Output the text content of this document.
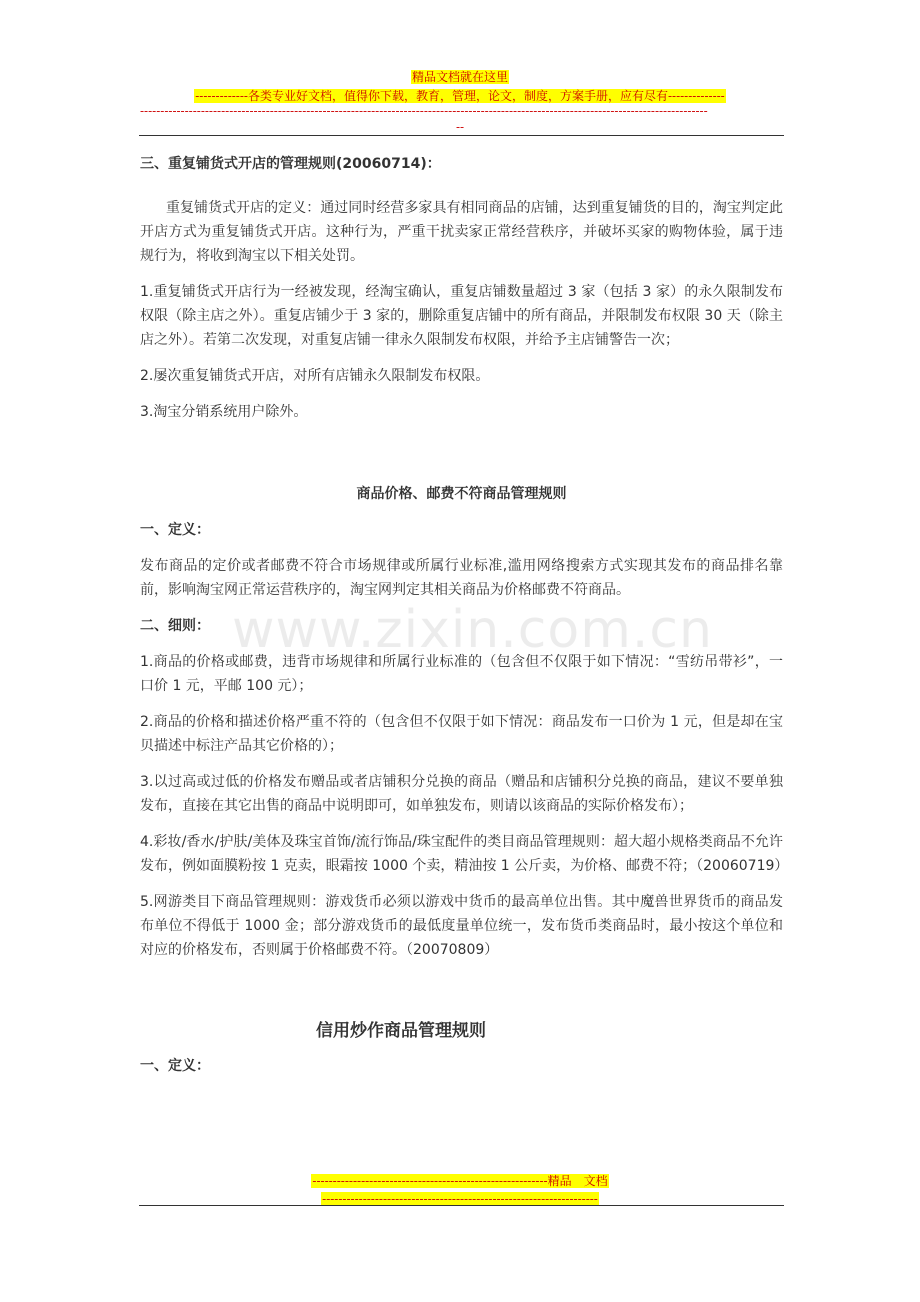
www.zixin.com.cn
精品文档就在这里
-------------各类专业好文档，值得你下载，教育，管理，论文，制度，方案手册，应有尽有--------------
--------------------------------------------------------------------------------------------------------------------------------------------
--
三、重复铺货式开店的管理规则(20060714)：

重复铺货式开店的定义：通过同时经营多家具有相同商品的店铺，达到重复铺货的目的，淘宝判定此开店方式为重复铺货式开店。这种行为，严重干扰卖家正常经营秩序，并破坏买家的购物体验，属于违规行为，将收到淘宝以下相关处罚。

1.重复铺货式开店行为一经被发现，经淘宝确认，重复店铺数量超过 3 家（包括 3 家）的永久限制发布权限（除主店之外）。重复店铺少于 3 家的，删除重复店铺中的所有商品，并限制发布权限 30 天（除主店之外）。若第二次发现，对重复店铺一律永久限制发布权限，并给予主店铺警告一次；

2.屡次重复铺货式开店，对所有店铺永久限制发布权限。

3.淘宝分销系统用户除外。

商品价格、邮费不符商品管理规则

一、定义：

发布商品的定价或者邮费不符合市场规律或所属行业标准,滥用网络搜索方式实现其发布的商品排名靠前，影响淘宝网正常运营秩序的，淘宝网判定其相关商品为价格邮费不符商品。

二、细则：

1.商品的价格或邮费，违背市场规律和所属行业标准的（包含但不仅限于如下情况：“雪纺吊带衫”，一口价 1 元，平邮 100 元）；

2.商品的价格和描述价格严重不符的（包含但不仅限于如下情况：商品发布一口价为 1 元，但是却在宝贝描述中标注产品其它价格的）；

3.以过高或过低的价格发布赠品或者店铺积分兑换的商品（赠品和店铺积分兑换的商品，建议不要单独发布，直接在其它出售的商品中说明即可，如单独发布，则请以该商品的实际价格发布）；

4.彩妆/香水/护肤/美体及珠宝首饰/流行饰品/珠宝配件的类目商品管理规则：超大超小规格类商品不允许发布，例如面膜粉按 1 克卖，眼霜按 1000 个卖，精油按 1 公斤卖，为价格、邮费不符；（20060719）

5.网游类目下商品管理规则：游戏货币必须以游戏中货币的最高单位出售。其中魔兽世界货币的商品发布单位不得低于 1000 金；部分游戏货币的最低度量单位统一，发布货币类商品时，最小按这个单位和对应的价格发布，否则属于价格邮费不符。（20070809）

信用炒作商品管理规则

一、定义：

----------------------------------------------------------精品　文档
--------------------------------------------------------------------
